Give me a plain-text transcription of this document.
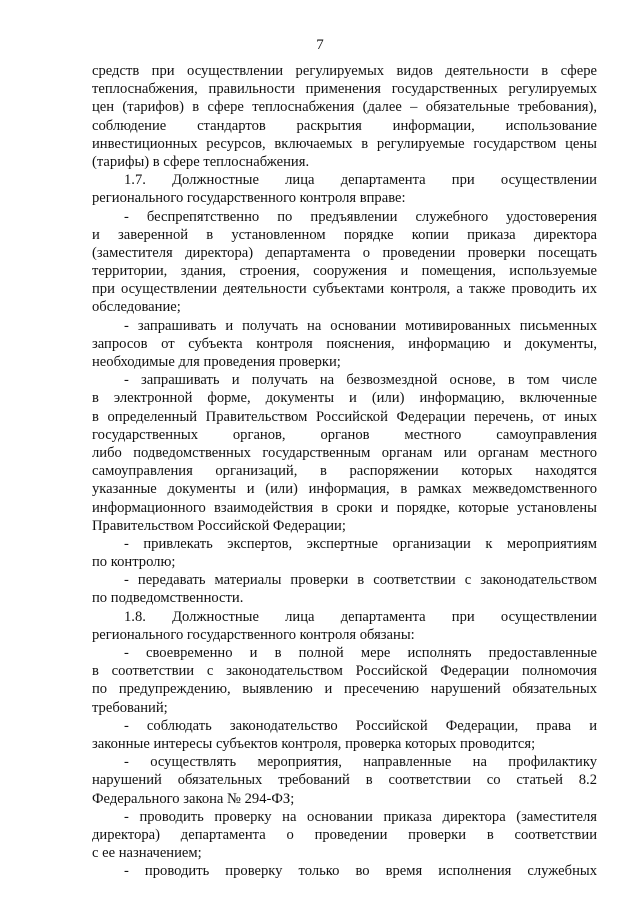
7
средств при осуществлении регулируемых видов деятельности в сфере
теплоснабжения, правильности применения государственных регулируемых
цен (тарифов) в сфере теплоснабжения (далее – обязательные требования),
соблюдение стандартов раскрытия информации, использование
инвестиционных ресурсов, включаемых в регулируемые государством цены
(тарифы) в сфере теплоснабжения.
1.7. Должностные лица департамента при осуществлении
регионального государственного контроля вправе:
- беспрепятственно по предъявлении служебного удостоверения
и заверенной в установленном порядке копии приказа директора
(заместителя директора) департамента о проведении проверки посещать
территории, здания, строения, сооружения и помещения, используемые
при осуществлении деятельности субъектами контроля, а также проводить их
обследование;
- запрашивать и получать на основании мотивированных письменных
запросов от субъекта контроля пояснения, информацию и документы,
необходимые для проведения проверки;
- запрашивать и получать на безвозмездной основе, в том числе
в электронной форме, документы и (или) информацию, включенные
в определенный Правительством Российской Федерации перечень, от иных
государственных органов, органов местного самоуправления
либо подведомственных государственным органам или органам местного
самоуправления организаций, в распоряжении которых находятся
указанные документы и (или) информация, в рамках межведомственного
информационного взаимодействия в сроки и порядке, которые установлены
Правительством Российской Федерации;
- привлекать экспертов, экспертные организации к мероприятиям
по контролю;
- передавать материалы проверки в соответствии с законодательством
по подведомственности.
1.8. Должностные лица департамента при осуществлении
регионального государственного контроля обязаны:
- своевременно и в полной мере исполнять предоставленные
в соответствии с законодательством Российской Федерации полномочия
по предупреждению, выявлению и пресечению нарушений обязательных
требований;
- соблюдать законодательство Российской Федерации, права и
законные интересы субъектов контроля, проверка которых проводится;
- осуществлять мероприятия, направленные на профилактику
нарушений обязательных требований в соответствии со статьей 8.2
Федерального закона № 294-ФЗ;
- проводить проверку на основании приказа директора (заместителя
директора) департамента о проведении проверки в соответствии
с ее назначением;
- проводить проверку только во время исполнения служебных
